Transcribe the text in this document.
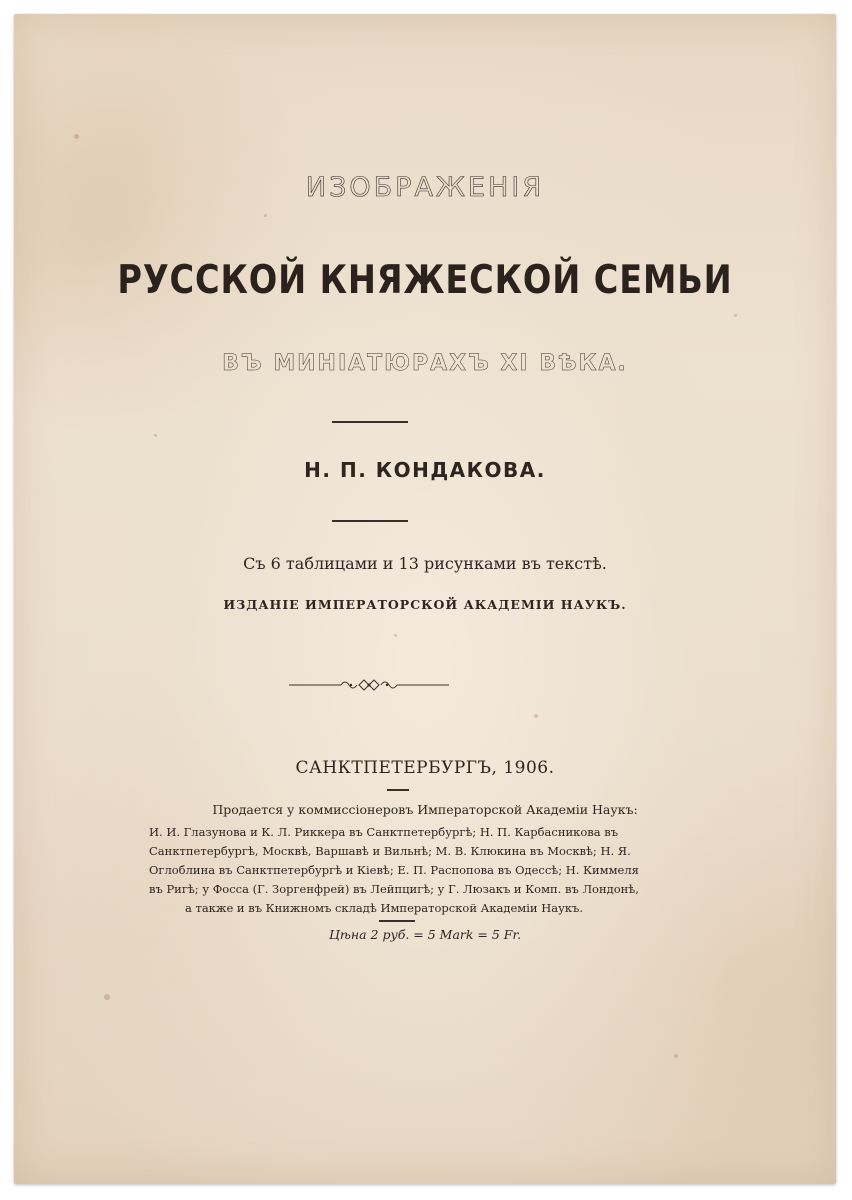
ИЗОБРАЖЕНІЯ
РУССКОЙ КНЯЖЕСКОЙ СЕМЬИ
ВЪ МИНІАТЮРАХЪ XI ВѢКА.

Н. П. КОНДАКОВА.

Съ 6 таблицами и 13 рисунками въ текстѣ.

ИЗДАНІЕ ИМПЕРАТОРСКОЙ АКАДЕМІИ НАУКЪ.

САНКТПЕТЕРБУРГЪ, 1906.

Продается у коммиссіонеровъ Императорской Академіи Наукъ:

И. И. Глазунова и К. Л. Риккера въ Санктпетербургѣ; Н. П. Карбасникова въ

Санктпетербургѣ, Москвѣ, Варшавѣ и Вильнѣ; М. В. Клюкина въ Москвѣ; Н. Я.

Оглоблина въ Санктпетербургѣ и Кіевѣ; Е. П. Распопова въ Одессѣ; Н. Киммеля

въ Ригѣ; у Фосса (Г. Зоргенфрей) въ Лейпцигѣ; у Г. Люзакъ и Комп. въ Лондонѣ,

а также и въ Книжномъ складѣ Императорской Академіи Наукъ.

Цѣна 2 руб. = 5 Mark = 5 Fr.
